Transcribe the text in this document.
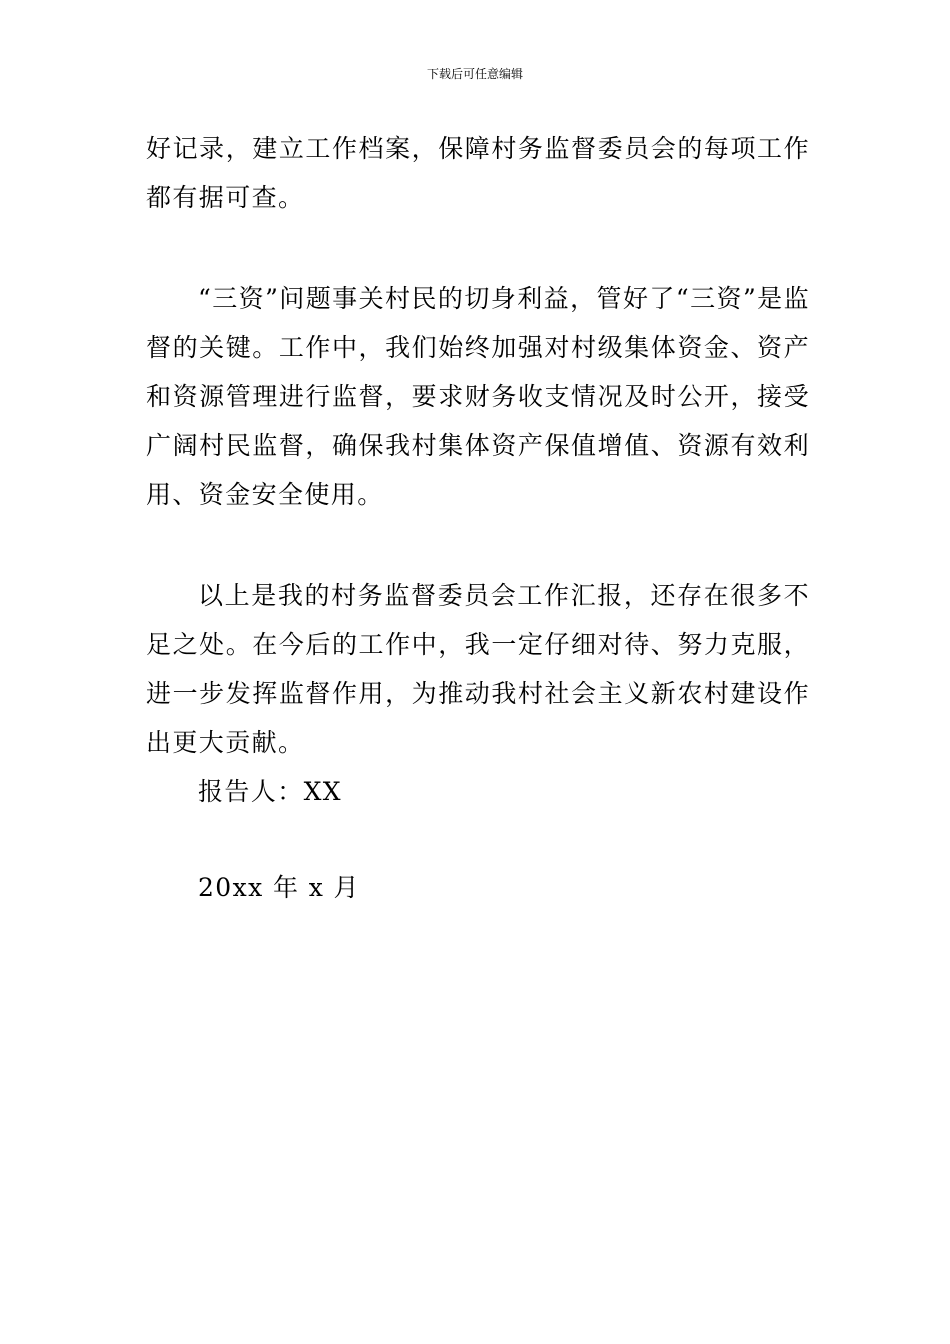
下载后可任意编辑

好记录，建立工作档案，保障村务监督委员会的每项工作都有据可查。

“三资”问题事关村民的切身利益，管好了“三资”是监督的关键。工作中，我们始终加强对村级集体资金、资产和资源管理进行监督，要求财务收支情况及时公开，接受广阔村民监督，确保我村集体资产保值增值、资源有效利用、资金安全使用。

以上是我的村务监督委员会工作汇报，还存在很多不足之处。在今后的工作中，我一定仔细对待、努力克服，进一步发挥监督作用，为推动我村社会主义新农村建设作出更大贡献。

报告人：XX

20xx 年 x 月
